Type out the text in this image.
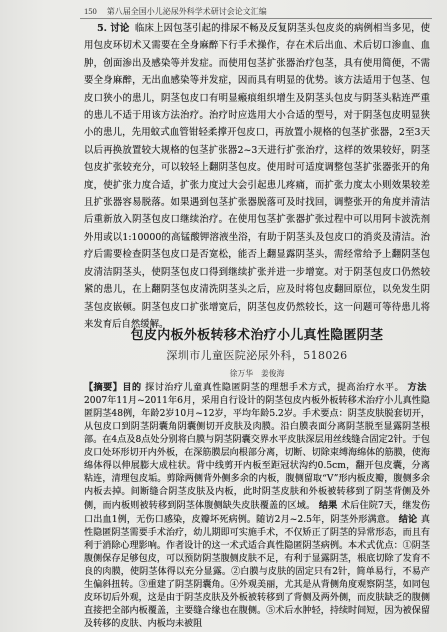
150 第八届全国小儿泌尿外科学术研讨会论文汇编

5. 讨论 临床上因包茎引起的排尿不畅及反复阴茎头包皮炎的病例相当多见，使用包皮环切术又需要在全身麻醉下行手术操作，存在术后出血、术后切口渗血、血肿，创面渗出及感染等并发症。而使用包茎扩张器治疗包茎，具有使用简便，不需要全身麻醉，无出血感染等并发症，因而具有明显的优势。该方法适用于包茎、包皮口狭小的患儿，阴茎包皮口有明显瘢痕组织增生及阴茎头包皮与阴茎头粘连严重的患儿不适于用该方法治疗。治疗时应选用大小合适的型号，对于阴茎包皮明显狭小的患儿，先用蚊式血管钳轻柔撑开包皮口，再放置小规格的包茎扩张器，2至3天以后再换放置较大规格的包茎扩张器2~3天进行扩张治疗，这样的效果较好，阴茎包皮扩张较充分，可以较轻上翻阴茎包皮。使用时可适度调整包茎扩张器张开的角度，使扩张力度合适，扩张力度过大会引起患儿疼痛，而扩张力度太小则效果较差且扩张器容易脱落。如果遇到包茎扩张器脱落可及时找回，调整张开的角度并清洁后重新放入阴茎包皮口继续治疗。在使用包茎扩张器扩张过程中可以用阿卡波洗剂外用或以1:10000的高锰酸钾溶液坐浴，有助于阴茎头及包皮口的消炎及清洁。治疗后需要检查阴茎包皮口是否宽松，能否上翻显露阴茎头，需经常给予上翻阴茎包皮清洁阴茎头，使阴茎包皮口得到继续扩张并进一步增宽。对于阴茎包皮口仍然较紧的患儿，在上翻阴茎包皮清洗阴茎头之后，应及时将包皮翻回原位，以免发生阴茎包皮嵌顿。阴茎包皮口扩张增宽后，阴茎包皮仍然较长，这一问题可等待患儿将来发育后自然缓解。

包皮内板外板转移术治疗小儿真性隐匿阴茎
深圳市儿童医院泌尿外科，518026
徐万华 姜俊海

【摘要】目的 探讨治疗儿童真性隐匿阴茎的理想手术方式，提高治疗水平。 方法2007年11月~2011年6月，采用自行设计的阴茎包皮内板外板转移术治疗小儿真性隐匿阴茎48例，年龄2岁10月~12岁，平均年龄5.2岁。手术要点：阴茎皮肤脱套切开，从包皮口到阴茎阴囊角阴囊侧切开皮肤及肉膜。沿白膜表面分离阴茎脱至显露阴茎根部。在4点及8点处分别将白膜与阴茎阴囊交界水平皮肤深层用丝线缝合固定2针。于包皮口处环形切开内外板，在深筋膜层向根部分离，切断、切除束缚海绵体的筋膜，使海绵体得以伸展膨大成柱状。背中线剪开内板至距冠状沟约0.5cm，翻开包皮囊，分离粘连，清理包皮垢。剪除两侧背外侧多余的内板，腹侧留取“V”形内板皮瓣，腹侧多余内板去掉。间断缝合阴茎皮肤及内板，此时阴茎皮肤和外板被转移到了阴茎背侧及外侧，而内板则被转移到阴茎体腹侧缺失皮肤覆盖的区域。 结果 术后住院7天，继发伤口出血1例，无伤口感染，皮瓣坏死病例。随访2月~2.5年，阴茎外形满意。 结论 真性隐匿阴茎需要手术治疗，幼儿期即可实施手术，不仅矫正了阴茎的异常形态，而且有利于消除心理影响。作者设计的这一术式适合真性隐匿阴茎病例。本术式优点：①阴茎腹侧保存足够包皮，可以预防阴茎腹侧皮肤不足，有利于显露阴茎，根底切除了发育不良的肉膜，使阴茎体得以充分显露。②白膜与皮肤的固定只有2针，简单易行，不易产生偏斜扭转。③重建了阴茎阴囊角。④外观美丽，尤其是从背侧角度观察阴茎，如同包皮环切后外观，这是由于阴茎皮肤及外板被转移到了背侧及两外侧，而皮肤缺乏的腹侧直接把全部内板覆盖，主要缝合缘也在腹侧。⑤术后水肿轻，持续时间短，因为被保留及转移的皮肤、内板均未被阻
